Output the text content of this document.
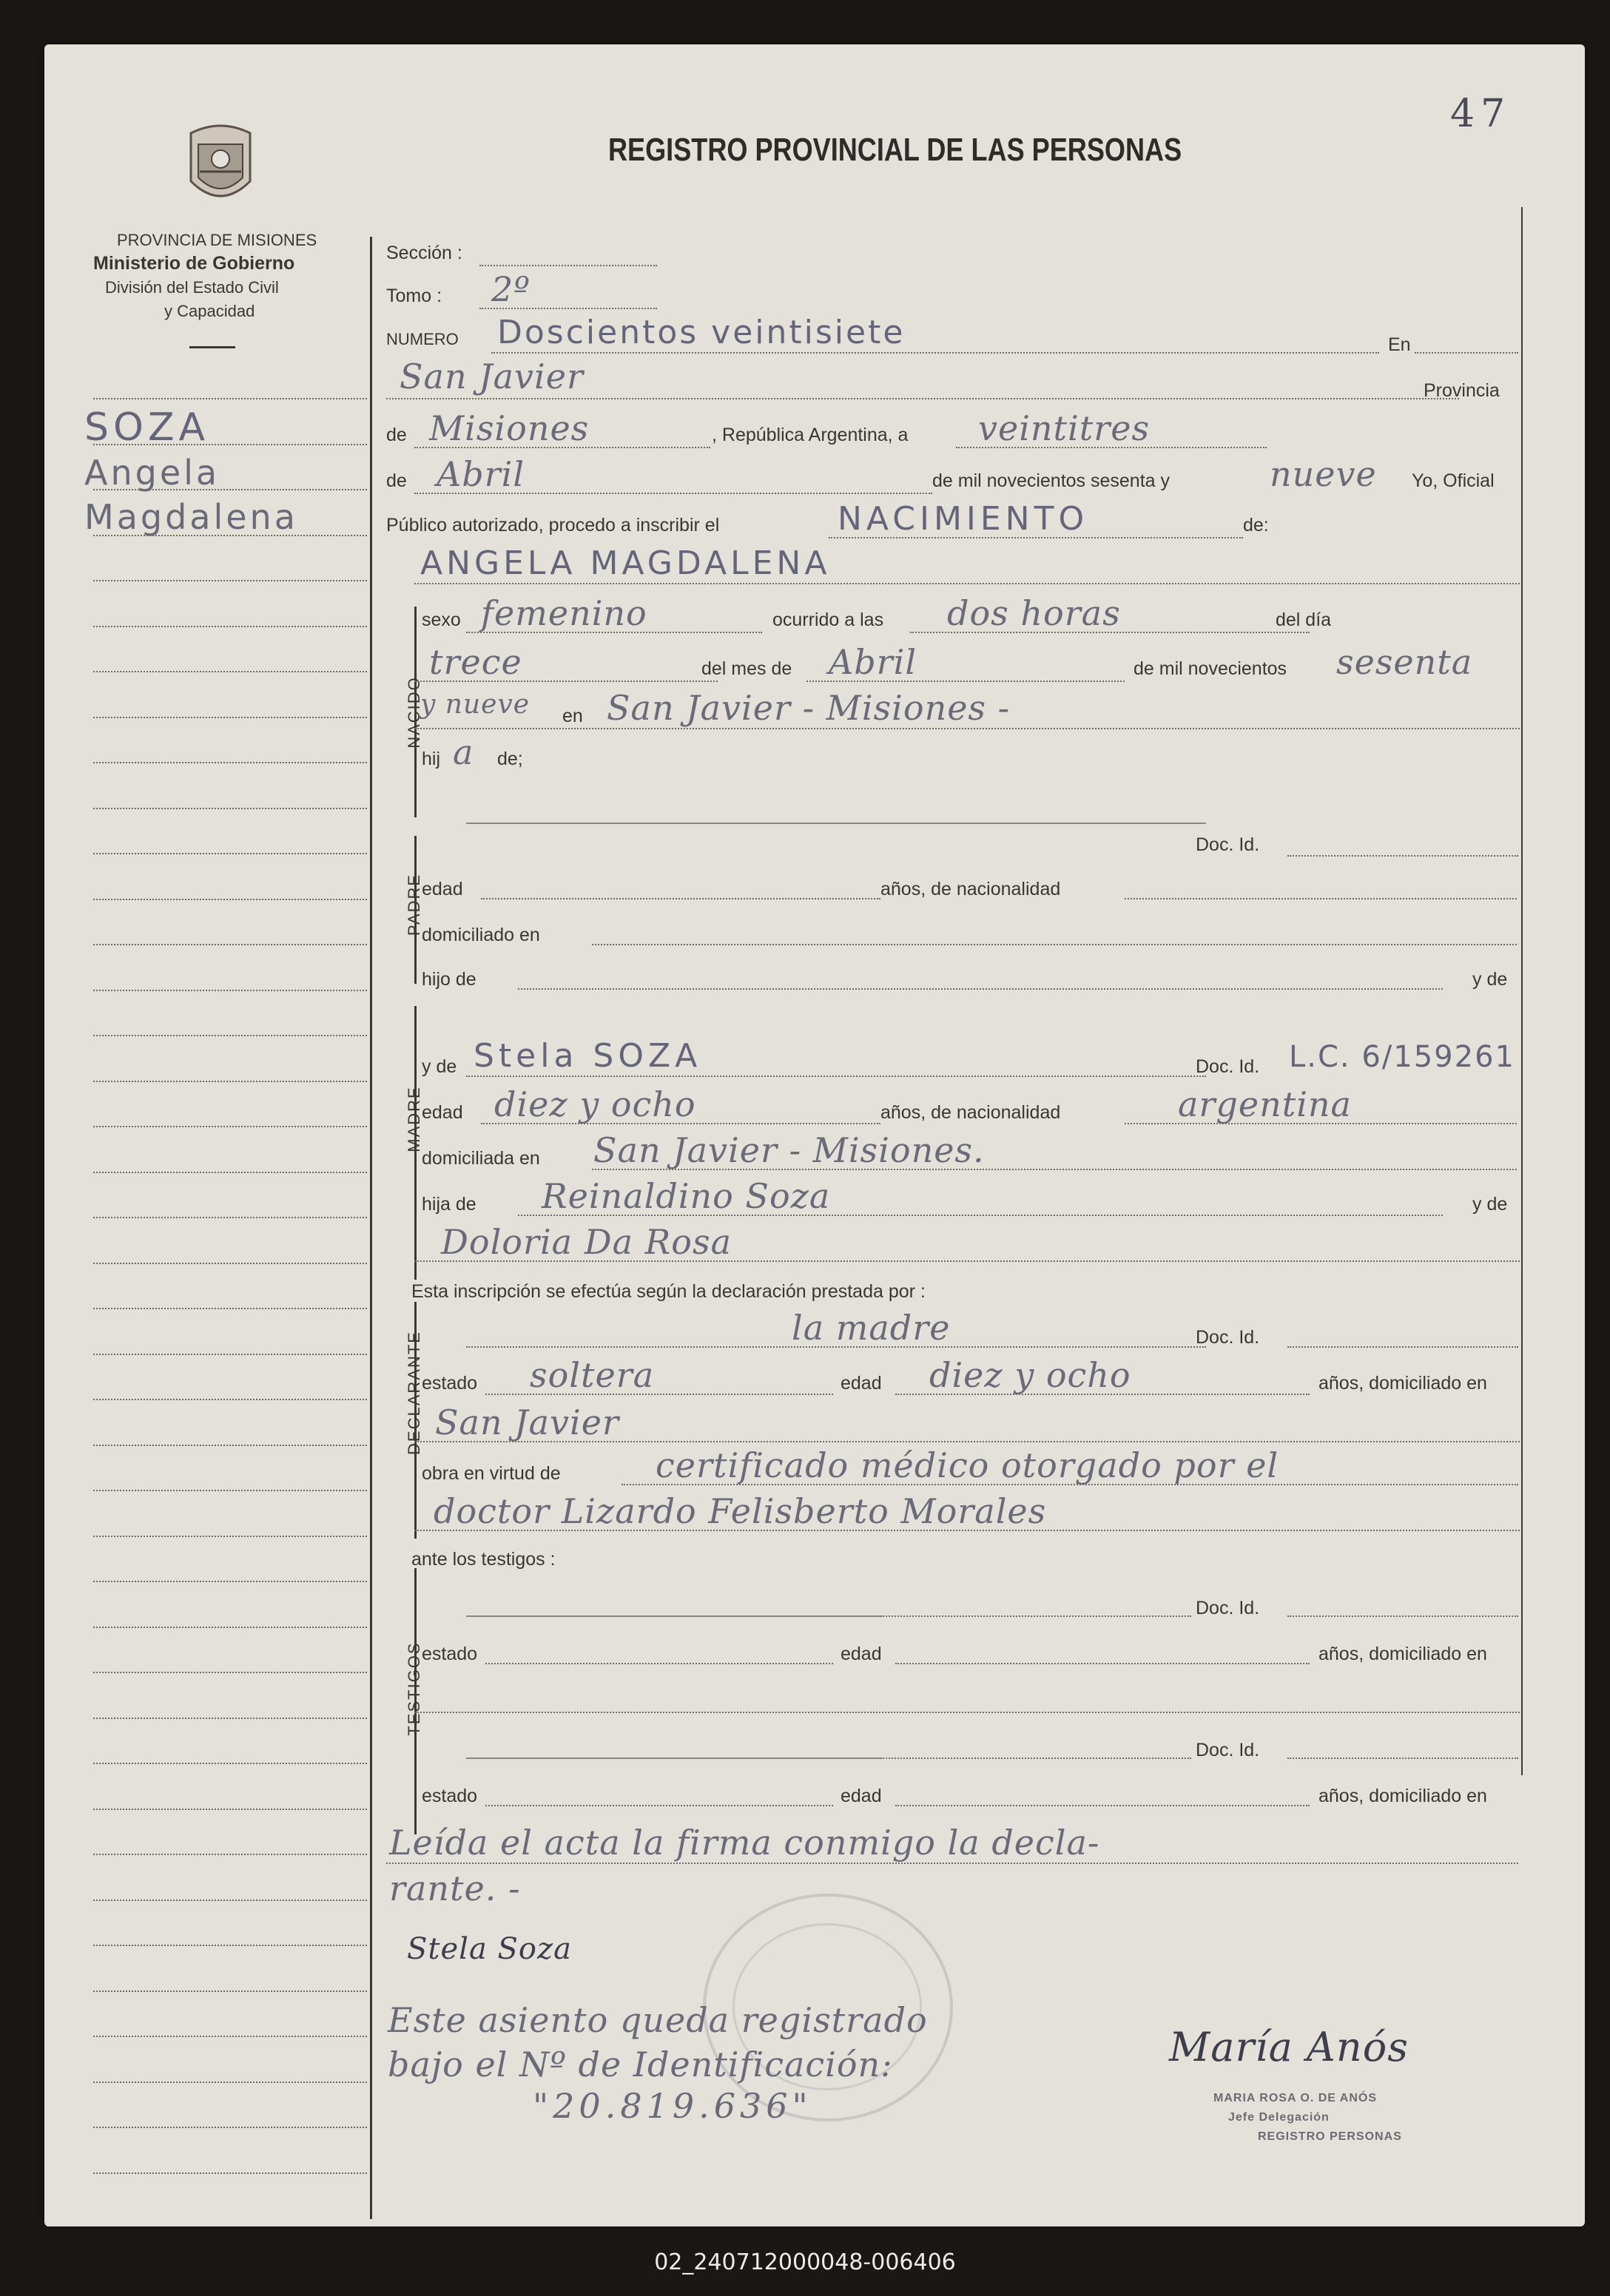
47
PROVINCIA DE MISIONES
Ministerio de Gobierno
División del Estado Civil
y Capacidad
REGISTRO PROVINCIAL DE LAS PERSONAS
SOZA
Angela
Magdalena
NACIDO
PADRE
MADRE
DECLARANTE
TESTIGOS
Sección :
Tomo : 2º
NUMERO Doscientos veintisiete	En
San Javier	Provincia
de Misiones	, República Argentina, a veintitres
de Abril	de mil novecientos sesenta y	nueve Yo, Oficial
Público autorizado, procedo a inscribir el	NACIMIENTO	de:
ANGELA MAGDALENA
sexo femenino	ocurrido a las dos horas	del día
trece	del mes de Abril	de mil novecientos sesenta
y nueve en San Javier - Misiones -
hij a de;
Doc. Id.
edad	años, de nacionalidad
domiciliado en
hijo de	y de
y de Stela SOZA	Doc. Id. L.C. 6/159261
edad diez y ocho	años, de nacionalidad	argentina
domiciliada en San Javier - Misiones.
hija de Reinaldino Soza	y de
Doloria Da Rosa
Esta inscripción se efectúa según la declaración prestada por :
la madre	Doc. Id.
estado soltera	edad diez y ocho	años, domiciliado en
San Javier
obra en virtud de	certificado médico otorgado por el
doctor Lizardo Felisberto Morales
ante los testigos :
Doc. Id.
estado	edad	años, domiciliado en
Doc. Id.
estado	edad	años, domiciliado en
Leída el acta la firma conmigo la decla-
rante. -
Stela Soza
Este asiento queda registrado
bajo el Nº de Identificación:
"20.819.636"
María Anós
MARIA ROSA O. DE ANÓS
Jefe Delegación
REGISTRO PERSONAS
02_240712000048-006406
